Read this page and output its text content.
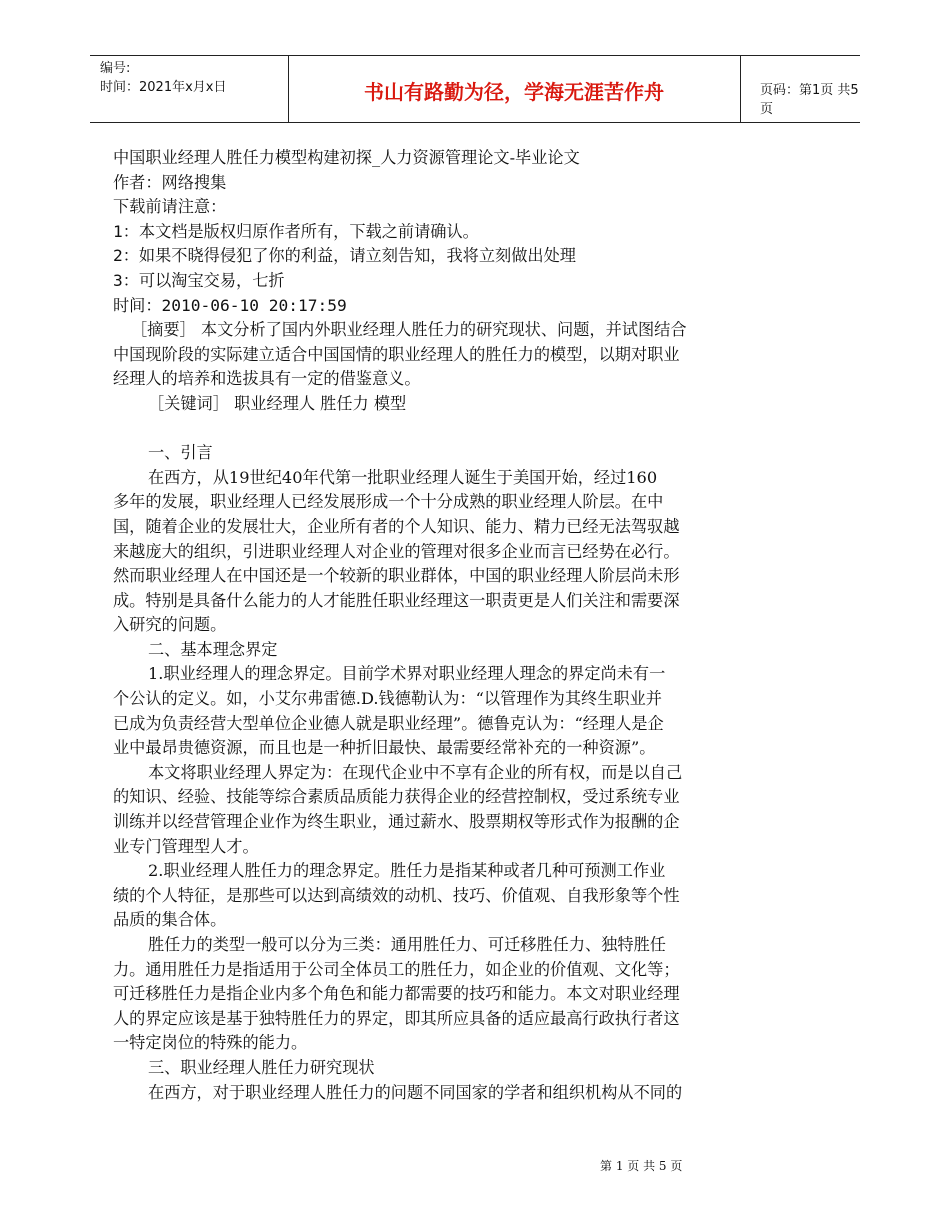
编号:
时间：2021年x月x日	书山有路勤为径，学海无涯苦作舟	页码：第1页 共5页

中国职业经理人胜任力模型构建初探_人力资源管理论文-毕业论文

作者：网络搜集

下载前请注意：

1：本文档是版权归原作者所有，下载之前请确认。

2：如果不晓得侵犯了你的利益，请立刻告知，我将立刻做出处理

3：可以淘宝交易，七折

时间：2010-06-10 20:17:59

［摘要］ 本文分析了国内外职业经理人胜任力的研究现状、问题，并试图结合

中国现阶段的实际建立适合中国国情的职业经理人的胜任力的模型，以期对职业

经理人的培养和选拔具有一定的借鉴意义。

［关键词］ 职业经理人 胜任力 模型

一、引言

在西方，从19世纪40年代第一批职业经理人诞生于美国开始，经过160

多年的发展，职业经理人已经发展形成一个十分成熟的职业经理人阶层。在中

国，随着企业的发展壮大，企业所有者的个人知识、能力、精力已经无法驾驭越

来越庞大的组织，引进职业经理人对企业的管理对很多企业而言已经势在必行。

然而职业经理人在中国还是一个较新的职业群体，中国的职业经理人阶层尚未形

成。特别是具备什么能力的人才能胜任职业经理这一职责更是人们关注和需要深

入研究的问题。

二、基本理念界定

1.职业经理人的理念界定。目前学术界对职业经理人理念的界定尚未有一

个公认的定义。如，小艾尔弗雷德.D.钱德勒认为：“以管理作为其终生职业并

已成为负责经营大型单位企业德人就是职业经理”。德鲁克认为：“经理人是企

业中最昂贵德资源，而且也是一种折旧最快、最需要经常补充的一种资源”。

本文将职业经理人界定为：在现代企业中不享有企业的所有权，而是以自己

的知识、经验、技能等综合素质品质能力获得企业的经营控制权，受过系统专业

训练并以经营管理企业作为终生职业，通过薪水、股票期权等形式作为报酬的企

业专门管理型人才。

2.职业经理人胜任力的理念界定。胜任力是指某种或者几种可预测工作业

绩的个人特征，是那些可以达到高绩效的动机、技巧、价值观、自我形象等个性

品质的集合体。

胜任力的类型一般可以分为三类：通用胜任力、可迁移胜任力、独特胜任

力。通用胜任力是指适用于公司全体员工的胜任力，如企业的价值观、文化等；

可迁移胜任力是指企业内多个角色和能力都需要的技巧和能力。本文对职业经理

人的界定应该是基于独特胜任力的界定，即其所应具备的适应最高行政执行者这

一特定岗位的特殊的能力。

三、职业经理人胜任力研究现状

在西方，对于职业经理人胜任力的问题不同国家的学者和组织机构从不同的

第 1 页 共 5 页
